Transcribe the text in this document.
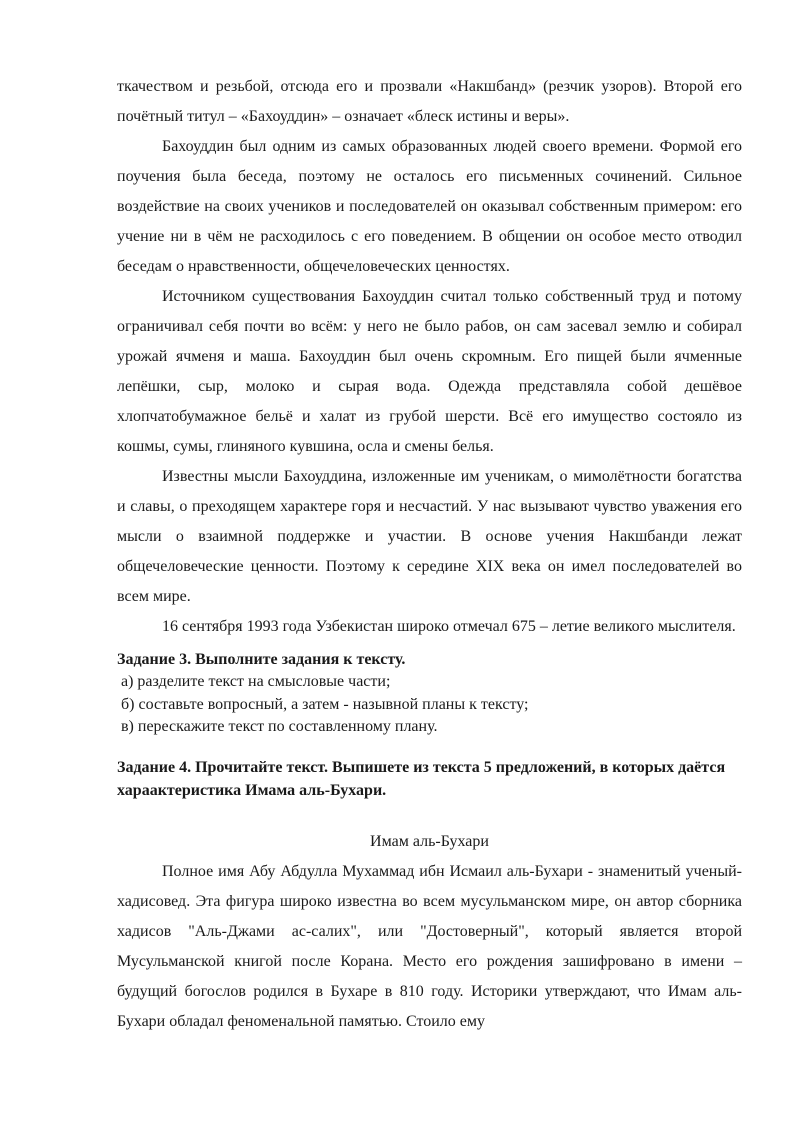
ткачеством и резьбой, отсюда его и прозвали «Накшбанд» (резчик узоров). Второй его почётный титул – «Бахоуддин» – означает «блеск истины и веры».

Бахоуддин был одним из самых образованных людей своего времени. Формой его поучения была беседа, поэтому не осталось его письменных сочинений. Сильное воздействие на своих учеников и последователей он оказывал собственным примером: его учение ни в чём не расходилось с его поведением. В общении он особое место отводил беседам о нравственности, общечеловеческих ценностях.

Источником существования Бахоуддин считал только собственный труд и потому ограничивал себя почти во всём: у него не было рабов, он сам засевал землю и собирал урожай ячменя и маша. Бахоуддин был очень скромным. Его пищей были ячменные лепёшки, сыр, молоко и сырая вода. Одежда представляла собой дешёвое хлопчатобумажное бельё и халат из грубой шерсти. Всё его имущество состояло из кошмы, сумы, глиняного кувшина, осла и смены белья.

Известны мысли Бахоуддина, изложенные им ученикам, о мимолётности богатства и славы, о преходящем характере горя и несчастий. У нас вызывают чувство уважения его мысли о взаимной поддержке и участии. В основе учения Накшбанди лежат общечеловеческие ценности. Поэтому к середине XIX века он имел последователей во всем мире.

16 сентября 1993 года Узбекистан широко отмечал 675 – летие великого мыслителя.

Задание 3. Выполните задания к тексту.

а) разделите текст на смысловые части;
б) составьте вопросный, а затем - назывной планы к тексту;
в) перескажите текст по составленному плану.

Задание 4. Прочитайте текст. Выпишете из текста 5 предложений, в которых даётся хараактеристика Имама аль-Бухари.

Имам аль-Бухари

Полное имя Абу Абдулла Мухаммад ибн Исмаил аль-Бухари - знаменитый ученый-хадисовед. Эта фигура широко известна во всем мусульманском мире, он автор сборника хадисов "Аль-Джами ас-салих", или "Достоверный", который является второй Мусульманской книгой после Корана. Место его рождения зашифровано в имени – будущий богослов родился в Бухаре в 810 году. Историки утверждают, что Имам аль-Бухари обладал феноменальной памятью. Стоило ему
